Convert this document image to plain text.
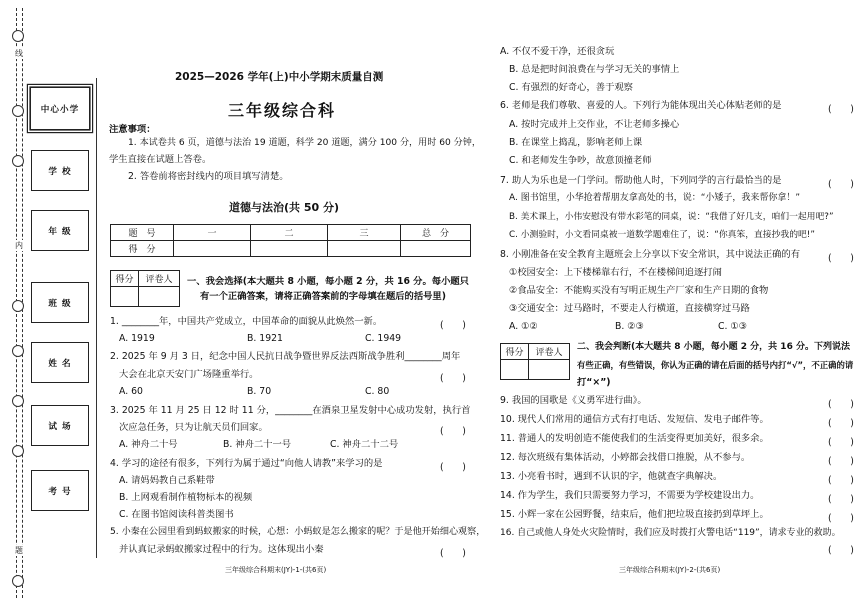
线
内
题
中心小学
学 校
年 级
班 级
姓 名
试 场
考 号
2025—2026 学年(上)中小学期末质量自测
三年级综合科
注意事项：
1. 本试卷共 6 页，道德与法治 19 道题，科学 20 道题，满分 100 分，用时 60 分钟，
学生直接在试题上答卷。
2. 答卷前将密封线内的项目填写清楚。
道德与法治(共 50 分)
题　号	一	二	三	总　分
得　分				
得分	评卷人
	一、我会选择(本大题共 8 小题，每小题 2 分，共 16 分。每小题只
有一个正确答案，请将正确答案前的字母填在题后的括号里)
1. ________年，中国共产党成立，中国革命的面貌从此焕然一新。	(　　)
A. 1919	B. 1921	C. 1949
2. 2025 年 9 月 3 日，纪念中国人民抗日战争暨世界反法西斯战争胜利________周年
大会在北京天安门广场隆重举行。	(　　)
A. 60	B. 70	C. 80
3. 2025 年 11 月 25 日 12 时 11 分，________在酒泉卫星发射中心成功发射，执行首
次应急任务，只为让航天员们回家。	(　　)
A. 神舟二十号	B. 神舟二十一号	C. 神舟二十二号
4. 学习的途径有很多，下列行为属于通过“向他人请教”来学习的是	(　　)
A. 请妈妈教自己系鞋带
B. 上网观看制作植物标本的视频
C. 在图书馆阅读科普类图书
5. 小秦在公园里看到蚂蚁搬家的时候，心想：小蚂蚁是怎么搬家的呢？于是他开始细心观察，
并认真记录蚂蚁搬家过程中的行为。这体现出小秦	(　　)
三年级综合科期末(JY)-1-(共6页)
A. 不仅不爱干净，还很贪玩
B. 总是把时间浪费在与学习无关的事情上
C. 有强烈的好奇心，善于观察
6. 老师是我们尊敬、喜爱的人。下列行为能体现出关心体贴老师的是	(　　)
A. 按时完成并上交作业，不让老师多操心
B. 在课堂上捣乱，影响老师上课
C. 和老师发生争吵，故意顶撞老师
7. 助人为乐也是一门学问。帮助他人时，下列同学的言行最恰当的是	(　　)
A. 图书馆里，小华抢着帮朋友拿高处的书，说：“小矮子，我来帮你拿！”
B. 美术课上，小伟安慰没有带水彩笔的同桌，说：“我借了好几支，咱们一起用吧?”
C. 小测验时，小文看同桌被一道数学题难住了，说：“你真笨，直接抄我的吧!”
8. 小刚准备在安全教育主题班会上分享以下安全常识，其中说法正确的有	(　　)
①校园安全：上下楼梯靠右行，不在楼梯间追逐打闹
②食品安全：不能购买没有写明正规生产厂家和生产日期的食物
③交通安全：过马路时，不要走人行横道，直接横穿过马路
A. ①②	B. ②③	C. ①③
得分	评卷人

二、我会判断(本大题共 8 小题，每小题 2 分，共 16 分。下列说法
有些正确，有些错误，你认为正确的请在后面的括号内打“√”，不正确的请
打“×”)
9. 我国的国歌是《义勇军进行曲》。	(　　)
10. 现代人们常用的通信方式有打电话、发短信、发电子邮件等。	(　　)
11. 普通人的发明创造不能使我们的生活变得更加美好，很多余。	(　　)
12. 每次班级有集体活动，小婷都会找借口推脱，从不参与。	(　　)
13. 小亮看书时，遇到不认识的字，他就查字典解决。	(　　)
14. 作为学生，我们只需要努力学习，不需要为学校建设出力。	(　　)
15. 小辉一家在公园野餐，结束后，他们把垃圾直接扔到草坪上。	(　　)
16. 自己或他人身处火灾险情时，我们应及时拨打火警电话“119”，请求专业的救助。
(　　)
三年级综合科期末(JY)-2-(共6页)
